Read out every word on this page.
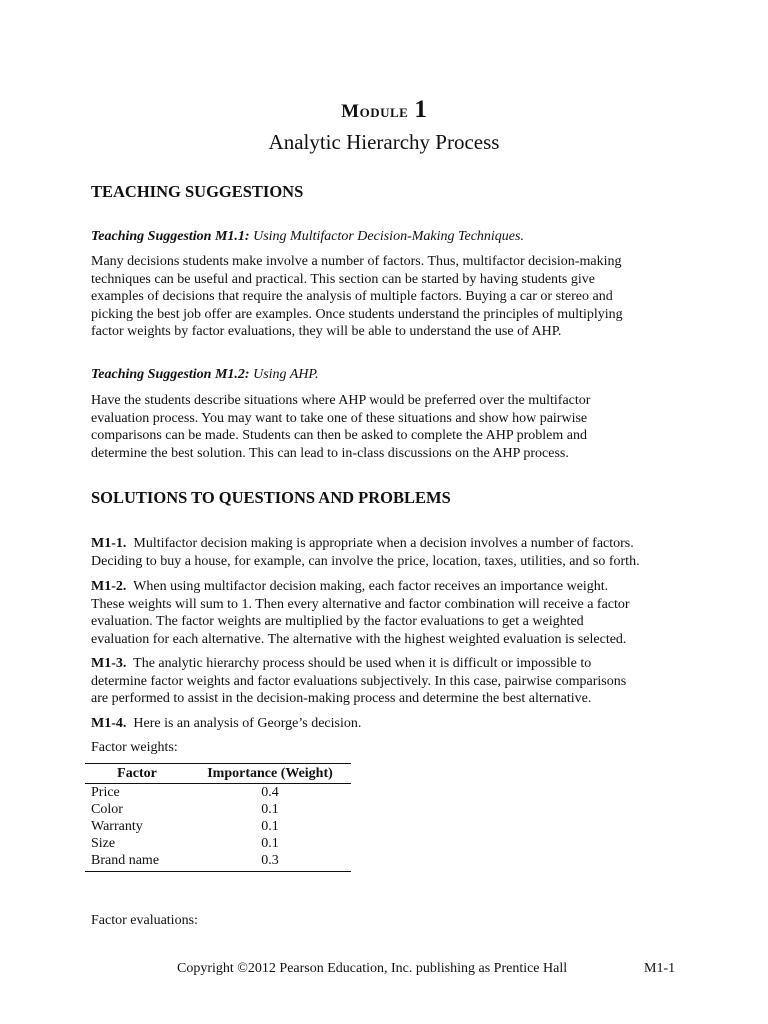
Module 1
Analytic Hierarchy Process
TEACHING SUGGESTIONS
Teaching Suggestion M1.1: Using Multifactor Decision-Making Techniques.

Many decisions students make involve a number of factors. Thus, multifactor decision-making
techniques can be useful and practical. This section can be started by having students give
examples of decisions that require the analysis of multiple factors. Buying a car or stereo and
picking the best job offer are examples. Once students understand the principles of multiplying
factor weights by factor evaluations, they will be able to understand the use of AHP.

Teaching Suggestion M1.2: Using AHP.

Have the students describe situations where AHP would be preferred over the multifactor
evaluation process. You may want to take one of these situations and show how pairwise
comparisons can be made. Students can then be asked to complete the AHP problem and
determine the best solution. This can lead to in-class discussions on the AHP process.

SOLUTIONS TO QUESTIONS AND PROBLEMS

M1-1. Multifactor decision making is appropriate when a decision involves a number of factors.
Deciding to buy a house, for example, can involve the price, location, taxes, utilities, and so forth.

M1-2. When using multifactor decision making, each factor receives an importance weight.
These weights will sum to 1. Then every alternative and factor combination will receive a factor
evaluation. The factor weights are multiplied by the factor evaluations to get a weighted
evaluation for each alternative. The alternative with the highest weighted evaluation is selected.

M1-3. The analytic hierarchy process should be used when it is difficult or impossible to
determine factor weights and factor evaluations subjectively. In this case, pairwise comparisons
are performed to assist in the decision-making process and determine the best alternative.

M1-4. Here is an analysis of George’s decision.

Factor weights:
Factor	Importance (Weight)
Price	0.4
Color	0.1
Warranty	0.1
Size	0.1
Brand name	0.3
Factor evaluations:
Copyright ©2012 Pearson Education, Inc. publishing as Prentice Hall	M1-1
